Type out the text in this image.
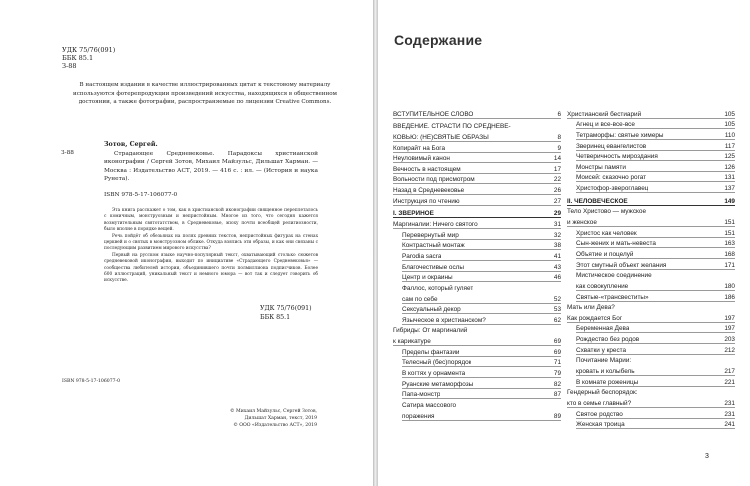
УДК 75/76(091)
ББК 85.1
З-88
В настоящем издании в качестве иллюстрированных цитат к текстовому материалу используются фотерепродукции произведений искусства, находящихся в общественном достоянии, а также фотографии, распространяемые по лицензии Creative Commons.
Зотов, Сергей.
З-88	Страдающее Средневековье. Парадоксы христианской иконографии / Сергей Зотов, Михаил Майзульс, Дильшат Харман. — Москва : Издательство АСТ, 2019. — 416 с. : ил. — (История и наука Рунета).
ISBN 978-5-17-106077-0

Эта книга расскажет о том, как в христианской иконографии священное переплеталось с комичным, монструозным и непристойным. Многое из того, что сегодня кажется возмутительным святотатством, в Средневековье, эпоху почти всеобщей религиозности, было вполне в порядке вещей.

Речь пойдёт об обезьянах на полях древних текстов, непристойных фигурах на стенах церквей и о святых в монструозном облике. Откуда взялись эти образы, и как они связаны с последующим развитием мирового искусства?

Первый на русском языке научно-популярный текст, охватывающий столько сюжетов средневековой иконографии, выходит по инициативе «Страдающего Средневековья» — сообщества любителей истории, объединившего почти полмиллиона подписчиков. Более 600 иллюстраций, уникальный текст и немного юмора — вот так и следует говорить об искусстве.

УДК 75/76(091)
ББК 85.1
ISBN 978-5-17-106077-0
© Михаил Майзульс, Сергей Зотов,
Дильшат Харман, текст, 2019
© ООО «Издательство АСТ», 2019
Содержание
ВСТУПИТЕЛЬНОЕ СЛОВО	6
ВВЕДЕНИЕ. СТРАСТИ ПО СРЕДНЕВЕ-
КОВЬЮ: (НЕ)СВЯТЫЕ ОБРАЗЫ	8
Копирайт на Бога	9
Неуловимый канон	14
Вечность в настоящем	17
Вольности под присмотром	22
Назад в Средневековье	26
Инструкция по чтению	27
I. ЗВЕРИНОЕ	29
Маргиналии: Ничего святого	31
Перевернутый мир	32
Контрастный монтаж	38
Parodia sacra	41
Благочестивые ослы	43
Центр и окраины	46
Фаллос, который гуляет
сам по себе	52
Сексуальный декор	53
Языческое в христианском?	62
Гибриды: От маргиналий
к карикатуре	69
Пределы фантазии	69
Телесный (бес)порядок	71
В когтях у орнамента	79
Руанские метаморфозы	82
Папа-монстр	87
Сатира массового
поражения	89
Христианский бестиарий	105
Агнец и все-все-все	105
Тетраморфы: святые химеры	110
Зверинец евангелистов	117
Четверичность мироздания	125
Монстры памяти	126
Моисей: сказочно рогат	131
Христофор-звероглавец	137
II. ЧЕЛОВЕЧЕСКОЕ	149
Тело Христово — мужское
и женское	151
Христос как человек	151
Сын-жених и мать-невеста	163
Объятие и поцелуй	168
Этот смутный объект желания	171
Мистическое соединение
как совокупление	180
Святые-«трансвеститы»	186
Мать или Дева?
Как рождается Бог	197
Беременная Дева	197
Рождество без родов	203
Схватки у креста	212
Почитание Марии:
кровать и колыбель	217
В комнате роженицы	221
Гендерный беспорядок:
кто в семье главный?	231
Святое родство	231
Женская троица	241
3
